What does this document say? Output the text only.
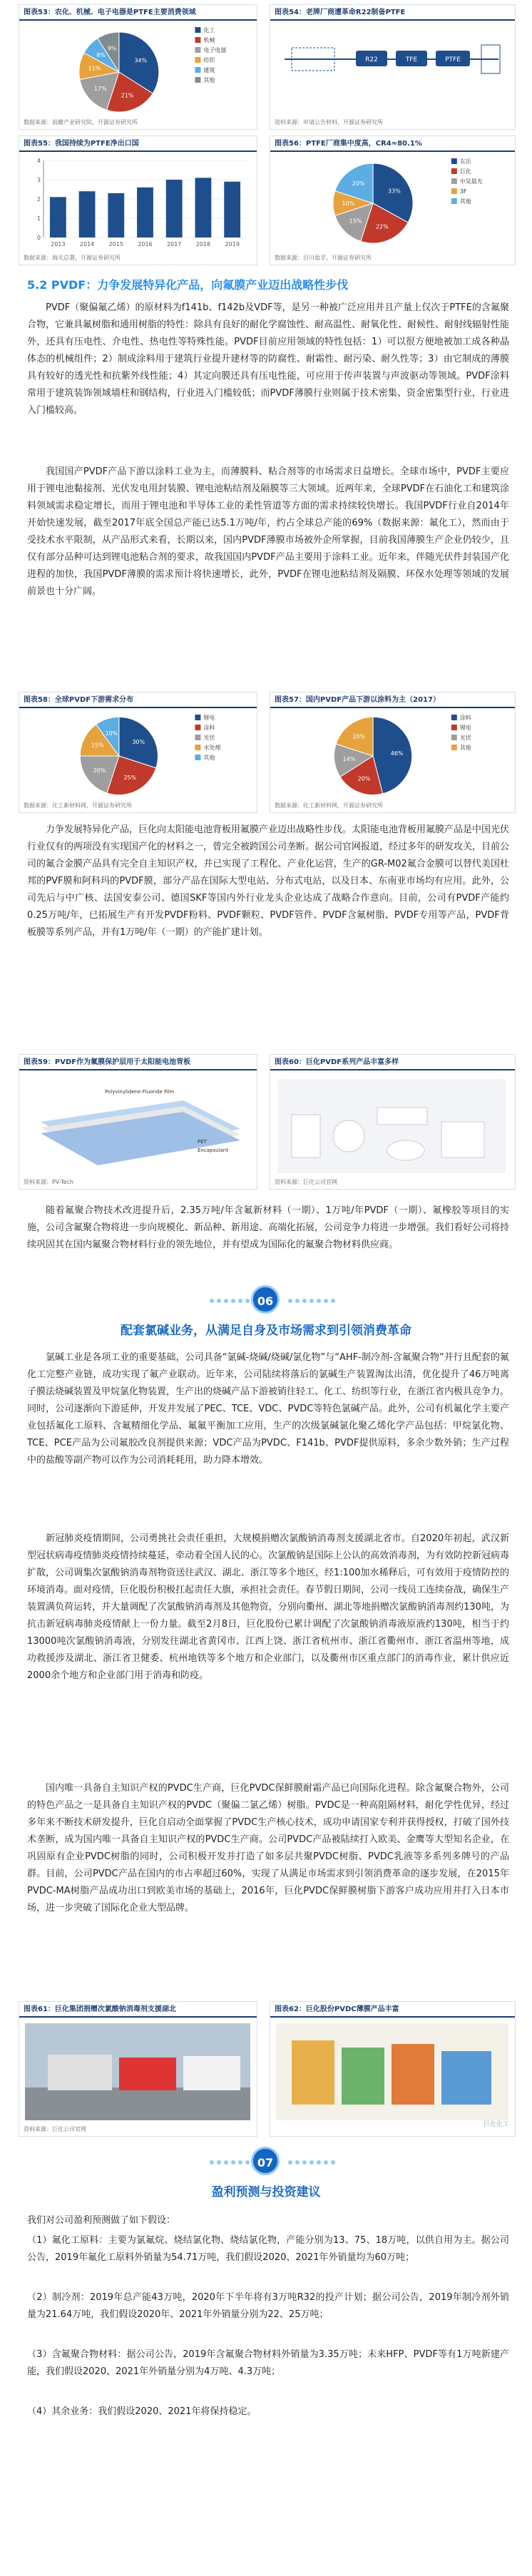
图表53：农化、机械、电子电器是PTFE主要消费领域
34%
21%
17%
11%
8%
9%
化工
机械
电子电器
纺织
建筑
其他
数据来源：前瞻产业研究院，开源证券研究所
图表54：老牌厂商遭革命R22制备PTFE
R22	TFE	PTFE
资料来源：申请公告材料，开源证券研究所
图表55：我国持续为PTFE净出口国
0
1
2
3
4
2013	2014	2015	2016	2017	2018	2019
数据来源：海关总署，开源证券研究所
图表56：PTFE厂商集中度高，CR4≈80.1%
33%
22%
15%
10%
20%
东岳
巨化
中昊晨光
3F
其他
数据来源：百川盈孚，开源证券研究所
5.2 PVDF：力争发展特异化产品，向氟膜产业迈出战略性步伐
PVDF（聚偏氟乙烯）的原材料为f141b、f142b及VDF等，是另一种被广泛应用并且产量上仅次于PTFE的含氟聚合物，它兼具氟树脂和通用树脂的特性：除具有良好的耐化学腐蚀性、耐高温性、耐氧化性、耐候性、耐射线辐射性能外，还具有压电性、介电性、热电性等特殊性能。PVDF目前应用领域的特性包括：1）可以很方便地被加工成各种晶体态的机械组件；2）制成涂料用于建筑行业提升建材等的防腐性、耐霜性、耐污染、耐久性等；3）由它制成的薄膜具有较好的透光性和抗紫外线性能；4）其定向膜还具有压电性能，可应用于传声装置与声波驱动等领域。PVDF涂料常用于建筑装饰领域墙柱和钢结构，行业进入门槛较低；而PVDF薄膜行业则属于技术密集、资金密集型行业，行业进入门槛较高。
我国国产PVDF产品下游以涂料工业为主，而薄膜料、粘合剂等的市场需求日益增长。全球市场中，PVDF主要应用于锂电池黏接剂、光伏发电用封装膜、锂电池粘结剂及隔膜等三大领域。近两年来，全球PVDF在石油化工和建筑涂料领域需求稳定增长，而用于锂电池和半导体工业的柔性管道等方面的需求持续较快增长。我国PVDF行业自2014年开始快速发展，截至2017年底全国总产能已达5.1万吨/年，约占全球总产能的69%（数据来源：氟化工），然而由于受技术水平限制，从产品形式来看，长期以来，国内PVDF薄膜市场被外企所掌握，目前我国薄膜生产企业仍较少，且仅有部分品种可达到锂电池粘合剂的要求，故我国国内PVDF产品主要用于涂料工业。近年来，伴随光伏件封装国产化进程的加快，我国PVDF薄膜的需求预计将快速增长，此外，PVDF在锂电池粘结剂及隔膜、环保水处理等领域的发展前景也十分广阔。
图表58：全球PVDF下游需求分布
30%
25%
20%
15%
10%
锂电
涂料
光伏
水处理
其他
数据来源：化工新材料网，开源证券研究所
图表57：国内PVDF产品下游以涂料为主（2017）
46%
20%
14%
20%
涂料
锂电
光伏
其他
数据来源：化工新材料网，开源证券研究所
力争发展特异化产品，巨化向太阳能电池背板用氟膜产业迈出战略性步伐。太阳能电池背板用氟膜产品是中国光伏行业仅有的两项没有实现国产化的材料之一，曾完全被跨国公司垄断。据公司官网报道，经过多年的研发攻关，目前公司的氟合金膜产品具有完全自主知识产权，并已实现了工程化、产业化运营，生产的GR-M02氟合金膜可以替代美国杜邦的PVF膜和阿科玛的PVDF膜，部分产品在国际大型电站、分布式电站，以及日本、东南亚市场均有应用。此外，公司先后与中广核、法国安泰公司、德国SKF等国内外行业龙头企业达成了战略合作意向。目前，公司有PVDF产能约0.25万吨/年，已拓展生产有开发PVDF粉料、PVDF颗粒、PVDF管件、PVDF含氟树脂、PVDF专用等产品，PVDF背板膜等系列产品，并有1万吨/年（一期）的产能扩建计划。
图表59：PVDF作为氟膜保护层用于太阳能电池背板
Polyvinylidene Fluoride Film
PET
Encapsulant
资料来源：PV-Tech
图表60：巨化PVDF系列产品丰富多样
资料来源：巨化公司官网
随着氟聚合物技术改进提升后，2.35万吨/年含氟新材料（一期）、1万吨/年PVDF（一期）、氟橡胶等项目的实施，公司含氟聚合物将进一步向规模化、新品种、新用途、高端化拓展，公司竞争力将进一步增强。我们看好公司将持续巩固其在国内氟聚合物材料行业的领先地位，并有望成为国际化的氟聚合物材料供应商。
06
配套氯碱业务，从满足自身及市场需求到引领消费革命
氯碱工业是各项工业的重要基础，公司具备“氯碱-烧碱/烧碱/氯化物”与“AHF-制冷剂-含氟聚合物”并行且配套的氟化工完整产业链，成功实现了氟产业联动。近年来，公司陆续将落后的氯碱生产装置淘汰出清，优化提升了46万吨离子膜法烧碱装置及甲烷氯化物装置，生产出的烧碱产品下游被销往轻工、化工、纺织等行业，在浙江省内极具竞争力。同时，公司逐渐向下游延伸，开发并发展了PEC、TCE、VDC、PVDC等特色氯碱产品。此外，公司有机氟化学主要产业包括氟化工原料、含氟精细化学品、氟氟平衡加工应用，生产的次级氯碱氯化聚乙烯化学产品包括：甲烷氯化物、TCE、PCE产品为公司氟胶改良剂提供来源；VDC产品为PVDC、F141b、PVDF提供原料，多余少数外销；生产过程中的盐酸等副产物可以作为公司消耗耗用，助力降本增效。
新冠肺炎疫情期间，公司勇挑社会责任重担，大规模捐赠次氯酸钠消毒剂支援湖北省市。自2020年初起，武汉新型冠状病毒疫情肺炎疫情持续蔓延，牵动着全国人民的心。次氯酸钠是国际上公认的高效消毒剂，为有效防控新冠病毒扩散，公司调集次氯酸钠消毒剂物资送往武汉、湖北、浙江等多个地区，经1:100加水稀释后，可有效用于疫情防控的环境消毒。面对疫情，巨化股份积极扛起责任大旗，承担社会责任。春节假日期间，公司一线员工连续奋战，确保生产装置满负荷运转，并大量调配了次氯酸钠消毒剂及其他物资，分别向衢州、湖北等地捐赠次氯酸钠消毒剂约130吨，为抗击新冠病毒肺炎疫情献上一份力量。截至2月8日，巨化股份已累计调配了次氯酸钠消毒液原液约130吨，相当于约13000吨次氯酸钠消毒液，分别发往湖北省黄冈市、江西上饶、浙江省杭州市、浙江省衢州市、浙江省温州等地，成功救援涉及湖北、浙江省卫健委、杭州地铁等多个地方和企业部门，以及衢州市区重点部门的消毒作业，累计供应近2000余个地方和企业部门用于消毒和防疫。
国内唯一具备自主知识产权的PVDC生产商，巨化PVDC保鲜膜耐霜产品已向国际化进程。除含氟聚合物外，公司的特色产品之一是具备自主知识产权的PVDC（聚偏二氯乙烯）树脂。PVDC是一种高阻隔材料，耐化学性优异，经过多年来不断技术研发提升，巨化自启动全面掌握了PVDC生产核心技术，成功申请国家专利并获得授权，打破了国外技术垄断，成为国内唯一具备自主知识产权的PVDC生产商。公司PVDC产品被陆续打入欧美、金鹰等大型知名企业，在巩固原有企业PVDC树脂的同时，公司积极开发并打造了如多层共聚PVDC树脂、PVDC乳液等多系列多牌号的产品群。目前，公司PVDC产品在国内的市占率超过60%，实现了从满足市场需求到引领消费革命的逐步发展，在2015年PVDC-MA树脂产品成功出口到欧美市场的基础上，2016年，巨化PVDC保鲜膜树脂下游客户成功应用并打入日本市场，进一步突破了国际化企业大型品牌。
图表61：巨化集团捐赠次氯酸钠消毒剂支援湖北
资料来源：巨化公司官网
图表62：巨化股份PVDC薄膜产品丰富
巨化化工
07
盈利预测与投资建议
我们对公司盈利预测做了如下假设：
（1）氟化工原料：主要为氯氟烷、烧结氯化物、烧结氯化物，产能分别为13、75、18万吨，以供自用为主。据公司公告，2019年氟化工原料外销量为54.71万吨，我们假设2020、2021年外销量均为60万吨；
（2）制冷剂：2019年总产能43万吨，2020年下半年将有3万吨R32的投产计划；据公司公告，2019年制冷剂外销量为21.64万吨，我们假设2020年、2021年外销量分别为22、25万吨；
（3）含氟聚合物材料：据公司公告，2019年含氟聚合物材料外销量为3.35万吨；未来HFP、PVDF等有1万吨新建产能，我们假设2020、2021年外销量分别为4万吨、4.3万吨；
（4）其余业务：我们假设2020、2021年将保持稳定。
